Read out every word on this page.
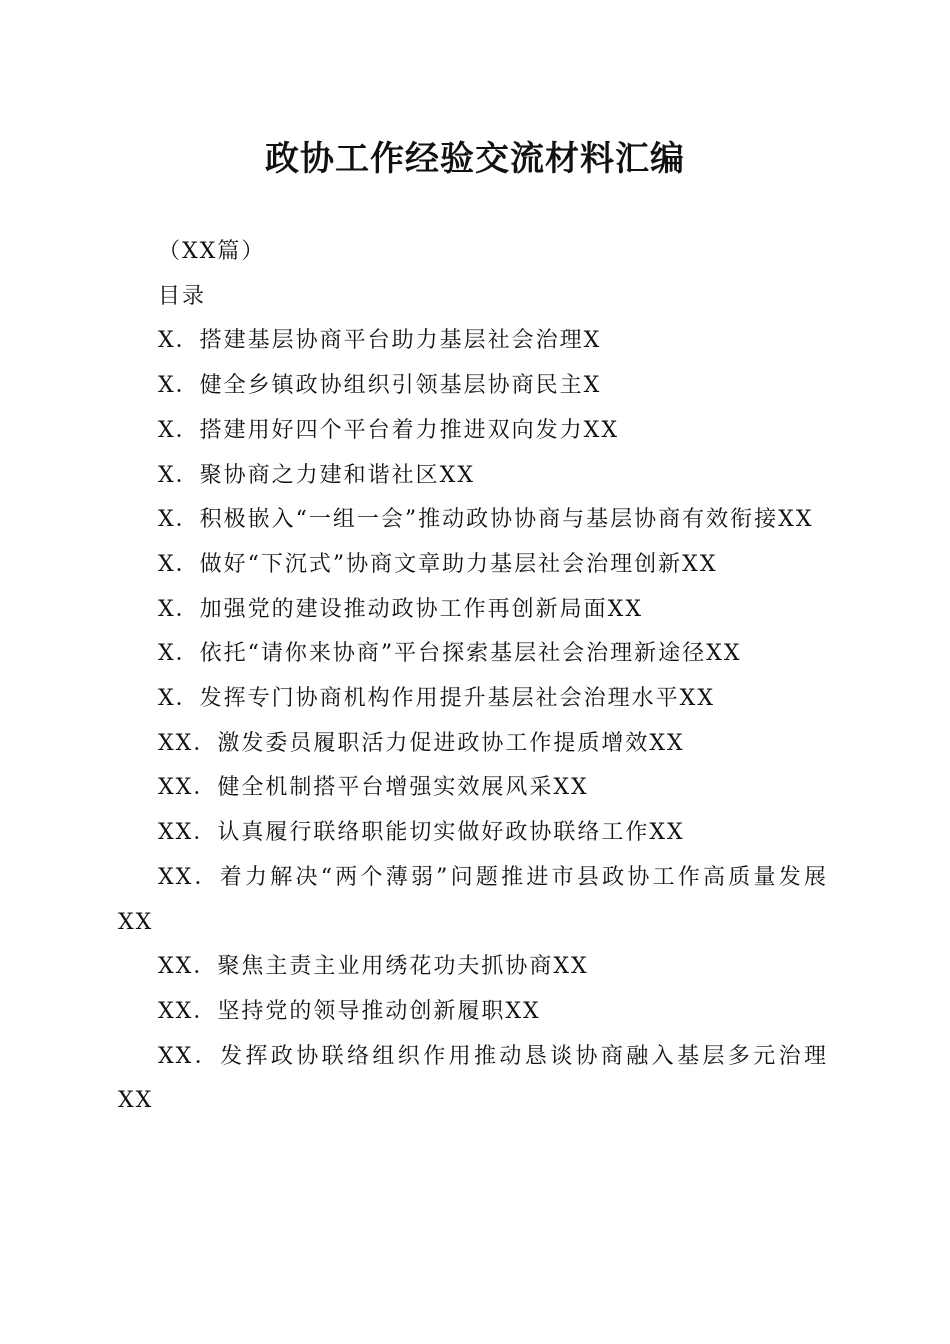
政协工作经验交流材料汇编

（XX篇）

目录

X．搭建基层协商平台助力基层社会治理X

X．健全乡镇政协组织引领基层协商民主X

X．搭建用好四个平台着力推进双向发力XX

X．聚协商之力建和谐社区XX

X．积极嵌入“一组一会”推动政协协商与基层协商有效衔接XX

X．做好“下沉式”协商文章助力基层社会治理创新XX

X．加强党的建设推动政协工作再创新局面XX

X．依托“请你来协商”平台探索基层社会治理新途径XX

X．发挥专门协商机构作用提升基层社会治理水平XX

XX．激发委员履职活力促进政协工作提质增效XX

XX．健全机制搭平台增强实效展风采XX

XX．认真履行联络职能切实做好政协联络工作XX

XX．着力解决“两个薄弱”问题推进市县政协工作高质量发展XX

XX．聚焦主责主业用绣花功夫抓协商XX

XX．坚持党的领导推动创新履职XX

XX．发挥政协联络组织作用推动恳谈协商融入基层多元治理XX
